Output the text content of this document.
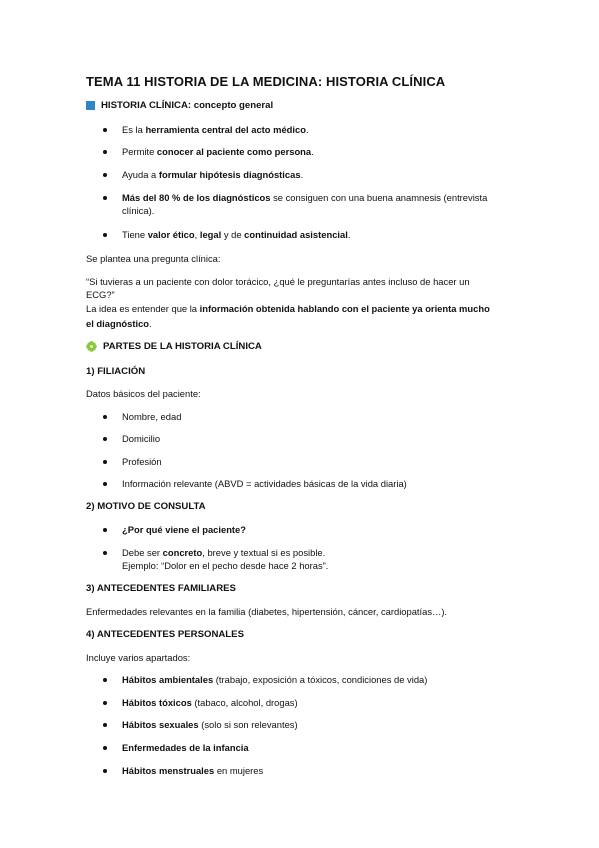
TEMA 11 HISTORIA DE LA MEDICINA: HISTORIA CLÍNICA
HISTORIA CLÍNICA: concepto general
Es la herramienta central del acto médico.
Permite conocer al paciente como persona.
Ayuda a formular hipótesis diagnósticas.
Más del 80 % de los diagnósticos se consiguen con una buena anamnesis (entrevista
clínica).
Tiene valor ético, legal y de continuidad asistencial.
Se plantea una pregunta clínica:
“Si tuvieras a un paciente con dolor torácico, ¿qué le preguntarías antes incluso de hacer un
ECG?”
La idea es entender que la información obtenida hablando con el paciente ya orienta mucho
el diagnóstico.
PARTES DE LA HISTORIA CLÍNICA
1) FILIACIÓN
Datos básicos del paciente:
Nombre, edad
Domicilio
Profesión
Información relevante (ABVD = actividades básicas de la vida diaria)
2) MOTIVO DE CONSULTA
¿Por qué viene el paciente?
Debe ser concreto, breve y textual si es posible.
Ejemplo: “Dolor en el pecho desde hace 2 horas”.
3) ANTECEDENTES FAMILIARES
Enfermedades relevantes en la familia (diabetes, hipertensión, cáncer, cardiopatías…).
4) ANTECEDENTES PERSONALES
Incluye varios apartados:
Hábitos ambientales (trabajo, exposición a tóxicos, condiciones de vida)
Hábitos tóxicos (tabaco, alcohol, drogas)
Hábitos sexuales (solo si son relevantes)
Enfermedades de la infancia
Hábitos menstruales en mujeres
